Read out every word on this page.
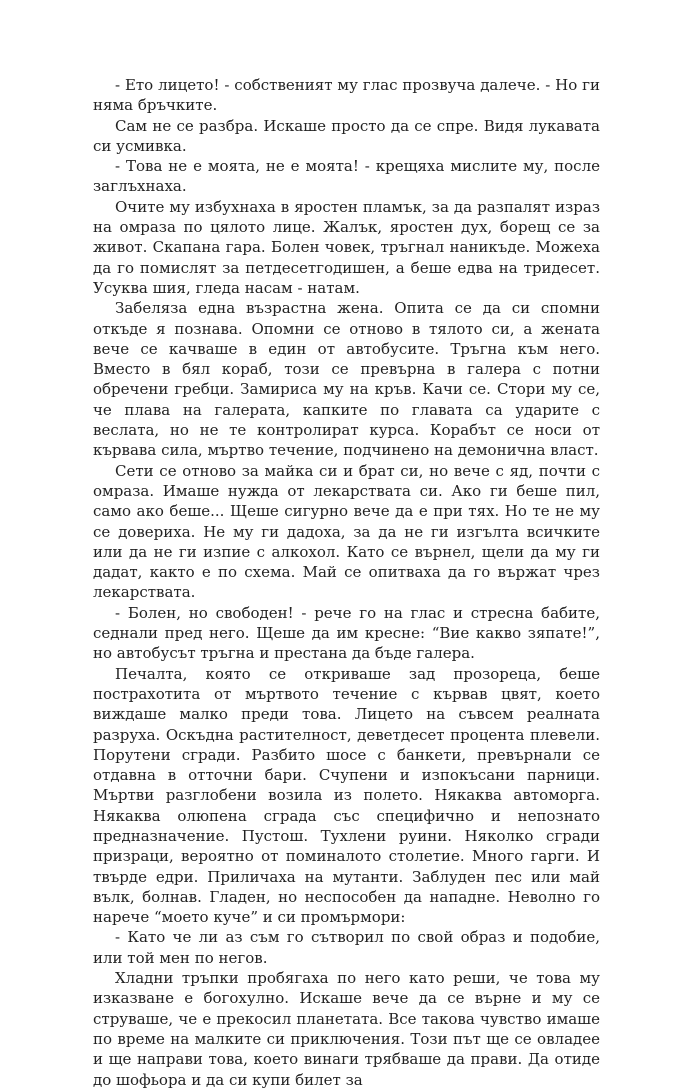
- Ето лицето! - собственият му глас прозвуча далече. - Но ги няма бръчките.

Сам не се разбра. Искаше просто да се спре. Видя лукавата си усмивка.

- Това не е моята, не е моята! - крещяха мислите му, после заглъхнаха.

Очите му избухнаха в яростен пламък, за да разпалят израз на омраза по цялото лице. Жалък, яростен дух, борещ се за живот. Скапана гара. Болен човек, тръгнал наникъде. Можеха да го помислят за петдесетгодишен, а беше едва на тридесет. Усуква шия, гледа насам - натам.

Забеляза една възрастна жена. Опита се да си спомни откъде я познава. Опомни се отново в тялото си, а жената вече се качваше в един от автобусите. Тръгна към него. Вместо в бял кораб, този се превърна в галера с потни обречени гребци. Замириса му на кръв. Качи се. Стори му се, че плава на галерата, капките по главата са ударите с веслата, но не те контролират курса. Корабът се носи от кървава сила, мъртво течение, подчинено на демонична власт.

Сети се отново за майка си и брат си, но вече с яд, почти с омраза. Имаше нужда от лекарствата си. Ако ги беше пил, само ако беше... Щеше сигурно вече да е при тях. Но те не му се довериха. Не му ги дадоха, за да не ги изгълта всичките или да не ги изпие с алкохол. Като се върнел, щели да му ги дадат, както е по схема. Май се опитваха да го вържат чрез лекарствата.

- Болен, но свободен! - рече го на глас и стресна бабите, седнали пред него. Щеше да им кресне: “Вие какво зяпате!”, но автобусът тръгна и престана да бъде галера.

Печалта, която се откриваше зад прозореца, беше пострахотита от мъртвото течение с кървав цвят, което виждаше малко преди това. Лицето на съвсем реалната разруха. Оскъдна растителност, деветдесет процента плевели. Порутени сгради. Разбито шосе с банкети, превърнали се отдавна в отточни бари. Счупени и изпокъсани парници. Мъртви разглобени возила из полето. Някаква автоморга. Някаква олюпена сграда със специфично и непознато предназначение. Пустош. Тухлени руини. Няколко сгради призраци, вероятно от поминалото столетие. Много гарги. И твърде едри. Приличаха на мутанти. Заблуден пес или май вълк, болнав. Гладен, но неспособен да нападне. Неволно го нарече “моето куче” и си промърмори:

- Като че ли аз съм го сътворил по свой образ и подобие, или той мен по негов.

Хладни тръпки пробягаха по него като реши, че това му изказване е богохулно. Искаше вече да се върне и му се струваше, че е прекосил планетата. Все такова чувство имаше по време на малките си приключения. Този път ще се овладее и ще направи това, което винаги трябваше да прави. Да отиде до шофьора и да си купи билет за
